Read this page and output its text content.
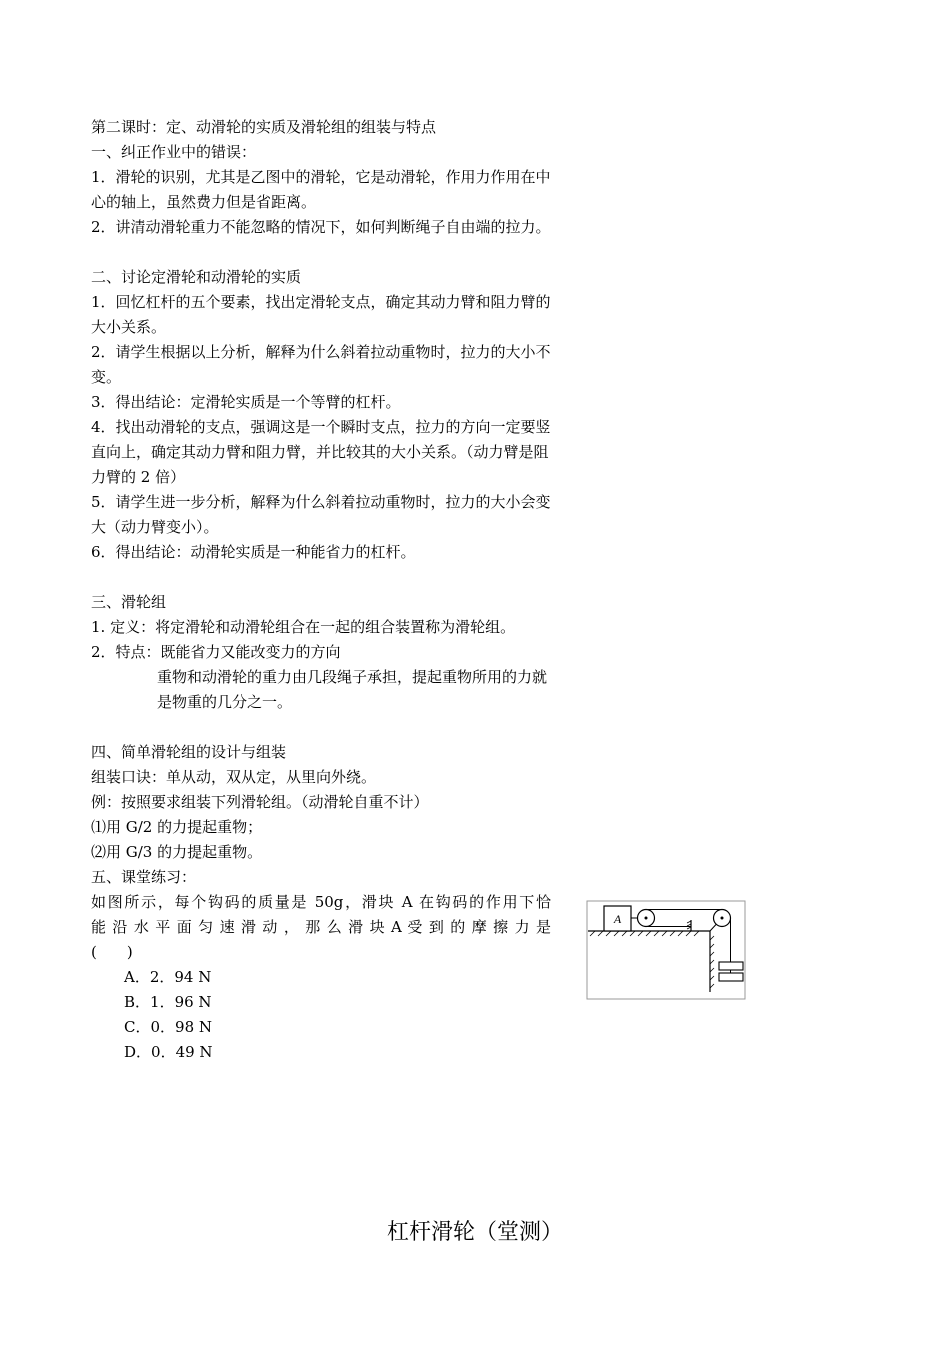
第二课时：定、动滑轮的实质及滑轮组的组装与特点

一、纠正作业中的错误：

1．滑轮的识别，尤其是乙图中的滑轮，它是动滑轮，作用力作用在中心的轴上，虽然费力但是省距离。

2．讲清动滑轮重力不能忽略的情况下，如何判断绳子自由端的拉力。

二、讨论定滑轮和动滑轮的实质

1．回忆杠杆的五个要素，找出定滑轮支点，确定其动力臂和阻力臂的大小关系。

2．请学生根据以上分析，解释为什么斜着拉动重物时，拉力的大小不变。

3．得出结论：定滑轮实质是一个等臂的杠杆。

4．找出动滑轮的支点，强调这是一个瞬时支点，拉力的方向一定要竖直向上，确定其动力臂和阻力臂，并比较其的大小关系。（动力臂是阻力臂的 2 倍）

5．请学生进一步分析，解释为什么斜着拉动重物时，拉力的大小会变大（动力臂变小）。

6．得出结论：动滑轮实质是一种能省力的杠杆。

三、滑轮组

1. 定义：将定滑轮和动滑轮组合在一起的组合装置称为滑轮组。

2．特点：既能省力又能改变力的方向

重物和动滑轮的重力由几段绳子承担，提起重物所用的力就是物重的几分之一。

四、简单滑轮组的设计与组装

组装口诀：单从动，双从定，从里向外绕。

例：按照要求组装下列滑轮组。（动滑轮自重不计）

⑴用 G/2 的力提起重物；

⑵用 G/3 的力提起重物。

五、课堂练习：

如图所示，每个钩码的质量是 50g，滑块 A 在钩码的作用下恰

能 沿 水 平 面 匀 速 滑 动 ， 那 么 滑 块 A 受 到 的 摩 擦 力 是

(　　)

A．2．94 N

B．1．96 N

C．0．98 N

D．0．49 N

A
杠杆滑轮（堂测）
